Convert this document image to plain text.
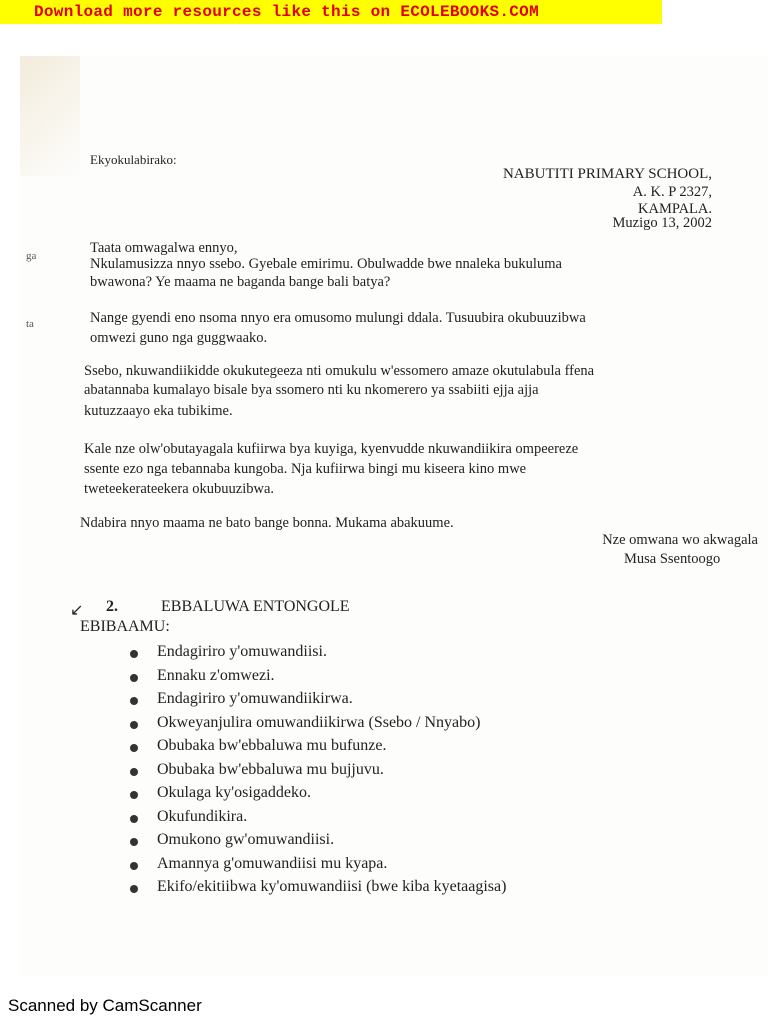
Download more resources like this on ECOLEBOOKS.COM
ga
ta
Ekyokulabirako:
NABUTITI PRIMARY SCHOOL,
A. K. P 2327,
KAMPALA.
Muzigo 13, 2002
Taata omwagalwa ennyo,
Nkulamusizza nnyo ssebo. Gyebale emirimu. Obulwadde bwe nnaleka bukuluma
bwawona? Ye maama ne baganda bange bali batya?
Nange gyendi eno nsoma nnyo era omusomo mulungi ddala. Tusuubira okubuuzibwa
omwezi guno nga guggwaako.
Ssebo, nkuwandiikidde okukutegeeza nti omukulu w'essomero amaze okutulabula ffena
abatannaba kumalayo bisale bya ssomero nti ku nkomerero ya ssabiiti ejja ajja
kutuzzaayo eka tubikime.
Kale nze olw'obutayagala kufiirwa bya kuyiga, kyenvudde nkuwandiikira ompeereze
ssente ezo nga tebannaba kungoba. Nja kufiirwa bingi mu kiseera kino mwe
tweteekerateekera okubuuzibwa.
Ndabira nnyo maama ne bato bange bonna. Mukama abakuume.
Nze omwana wo akwagala
Musa Ssentoogo
↙ 2.	EBBALUWA ENTONGOLE
EBIBAAMU:
Endagiriro y'omuwandiisi.
Ennaku z'omwezi.
Endagiriro y'omuwandiikirwa.
Okweyanjulira omuwandiikirwa (Ssebo / Nnyabo)
Obubaka bw'ebbaluwa mu bufunze.
Obubaka bw'ebbaluwa mu bujjuvu.
Okulaga ky'osigaddeko.
Okufundikira.
Omukono gw'omuwandiisi.
Amannya g'omuwandiisi mu kyapa.
Ekifo/ekitiibwa ky'omuwandiisi (bwe kiba kyetaagisa)
Scanned by CamScanner
